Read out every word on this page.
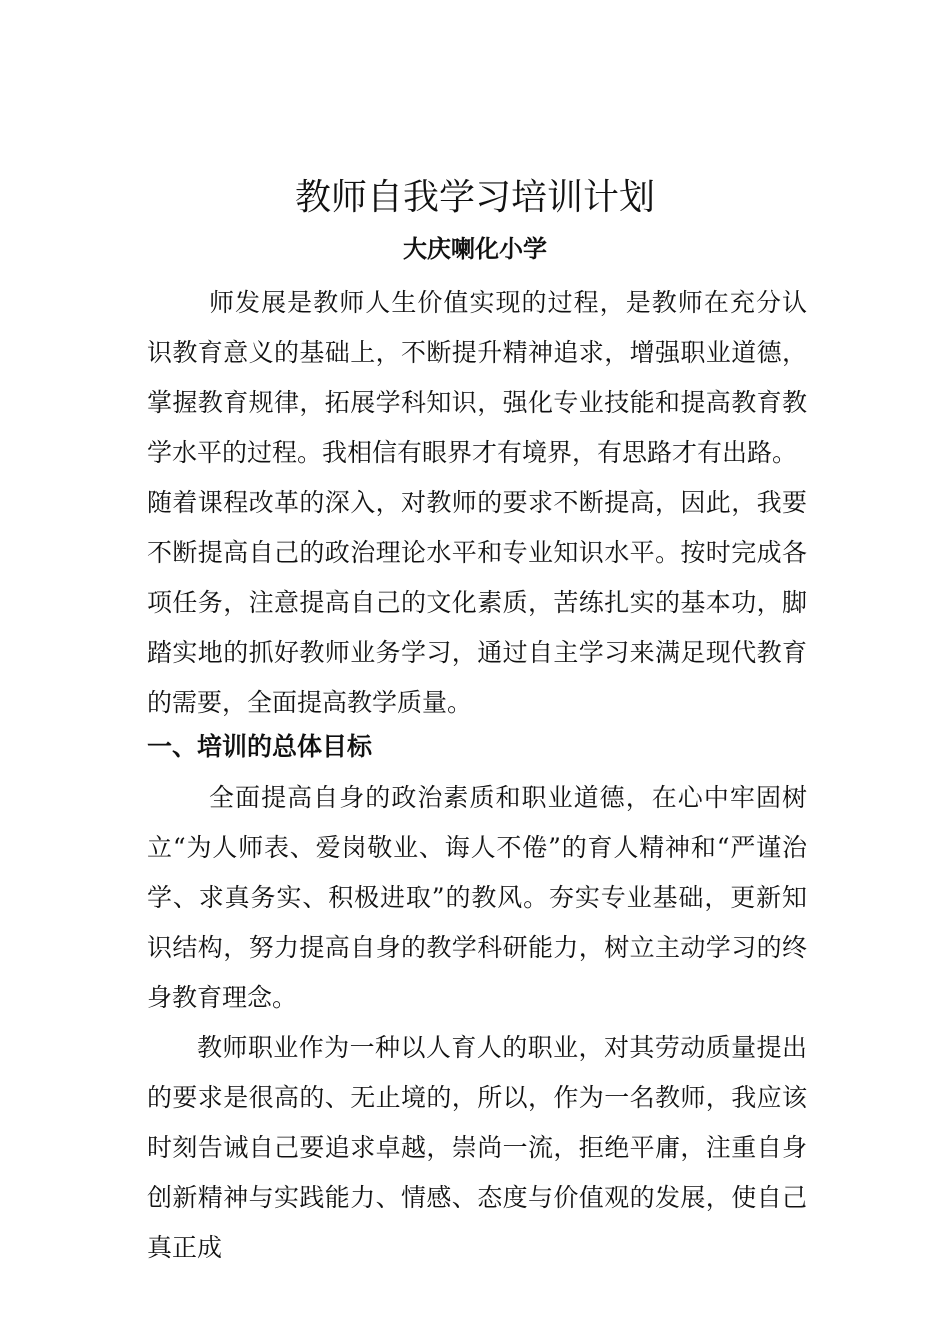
教师自我学习培训计划
大庆喇化小学

师发展是教师人生价值实现的过程，是教师在充分认识教育意义的基础上，不断提升精神追求，增强职业道德，掌握教育规律，拓展学科知识，强化专业技能和提高教育教学水平的过程。我相信有眼界才有境界，有思路才有出路。

随着课程改革的深入，对教师的要求不断提高，因此，我要不断提高自己的政治理论水平和专业知识水平。按时完成各项任务，注意提高自己的文化素质，苦练扎实的基本功，脚踏实地的抓好教师业务学习，通过自主学习来满足现代教育的需要，全面提高教学质量。

一、培训的总体目标

全面提高自身的政治素质和职业道德，在心中牢固树立“为人师表、爱岗敬业、诲人不倦”的育人精神和“严谨治学、求真务实、积极进取”的教风。夯实专业基础，更新知识结构，努力提高自身的教学科研能力，树立主动学习的终身教育理念。

教师职业作为一种以人育人的职业，对其劳动质量提出的要求是很高的、无止境的，所以，作为一名教师，我应该时刻告诫自己要追求卓越，崇尚一流，拒绝平庸，注重自身创新精神与实践能力、情感、态度与价值观的发展，使自己真正成
